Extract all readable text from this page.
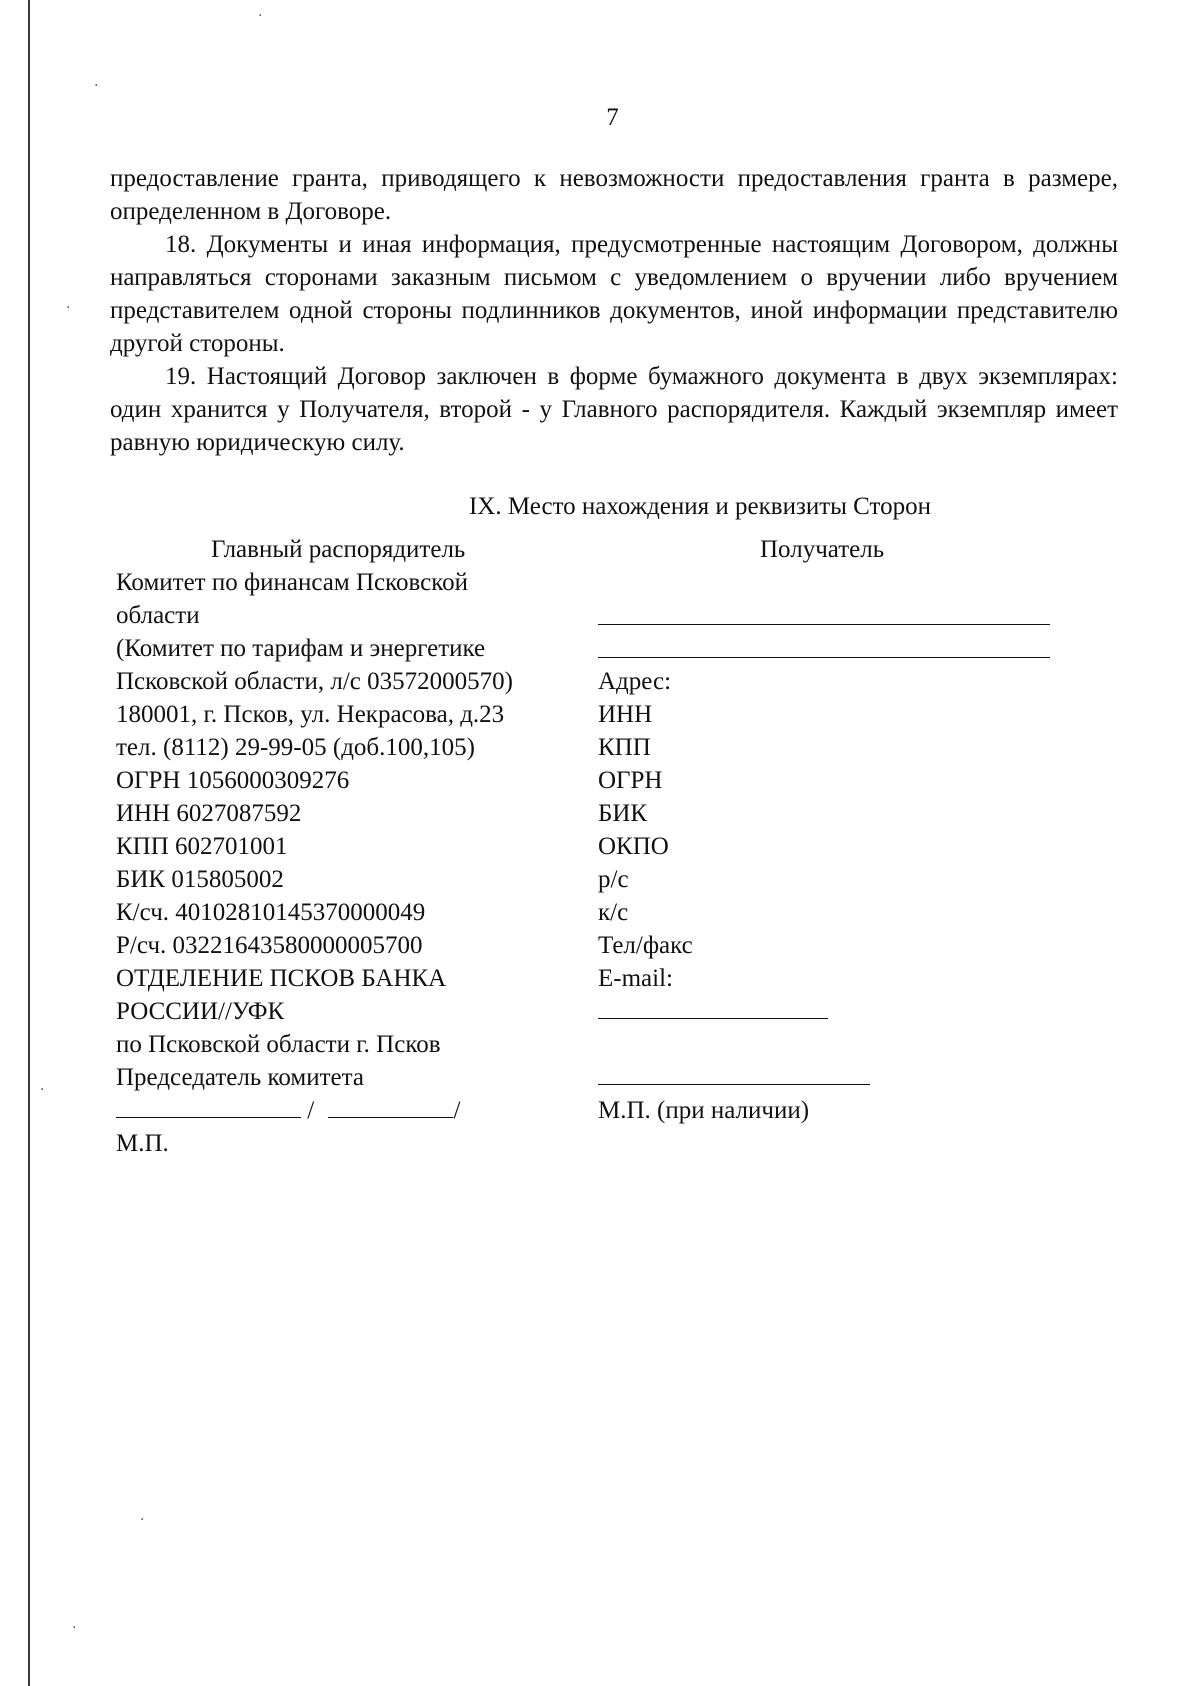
7

предоставление гранта, приводящего к невозможности предоставления гранта в размере, определенном в Договоре.

18. Документы и иная информация, предусмотренные настоящим Договором, должны направляться сторонами заказным письмом с уведомлением о вручении либо вручением представителем одной стороны подлинников документов, иной информации представителю другой стороны.

19. Настоящий Договор заключен в форме бумажного документа в двух экземплярах: один хранится у Получателя, второй - у Главного распорядителя. Каждый экземпляр имеет равную юридическую силу.

IX. Место нахождения и реквизиты Сторон
Главный распорядитель
Комитет по финансам Псковской
области
(Комитет по тарифам и энергетике
Псковской области, л/с 03572000570)
180001, г. Псков, ул. Некрасова, д.23
тел. (8112) 29-99-05 (доб.100,105)
ОГРН 1056000309276
ИНН 6027087592
КПП 602701001
БИК 015805002
К/сч. 40102810145370000049
Р/сч. 03221643580000005700
ОТДЕЛЕНИЕ ПСКОВ БАНКА
РОССИИ//УФК
по Псковской области г. Псков
Председатель комитета
/	/
М.П.
Получатель
Адрес:
ИНН
КПП
ОГРН
БИК
ОКПО
р/с
к/с
Тел/факс
E-mail:
М.П. (при наличии)
·
·
·
·
·
·
